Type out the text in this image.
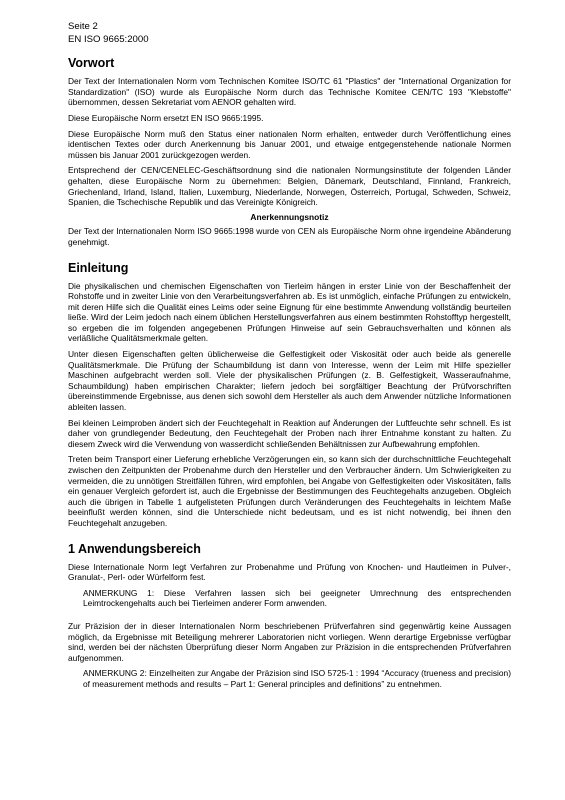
Seite 2
EN ISO 9665:2000
Vorwort

Der Text der Internationalen Norm vom Technischen Komitee ISO/TC 61 "Plastics" der "International Organization for Standardization" (ISO) wurde als Europäische Norm durch das Technische Komitee CEN/TC 193 "Klebstoffe" übernommen, dessen Sekretariat vom AENOR gehalten wird.

Diese Europäische Norm ersetzt EN ISO 9665:1995.

Diese Europäische Norm muß den Status einer nationalen Norm erhalten, entweder durch Veröffentlichung eines identischen Textes oder durch Anerkennung bis Januar 2001, und etwaige entgegenstehende nationale Normen müssen bis Januar 2001 zurückgezogen werden.

Entsprechend der CEN/CENELEC-Geschäftsordnung sind die nationalen Normungsinstitute der folgenden Länder gehalten, diese Europäische Norm zu übernehmen: Belgien, Dänemark, Deutschland, Finnland, Frankreich, Griechenland, Irland, Island, Italien, Luxemburg, Niederlande, Norwegen, Österreich, Portugal, Schweden, Schweiz, Spanien, die Tschechische Republik und das Vereinigte Königreich.

Anerkennungsnotiz

Der Text der Internationalen Norm ISO 9665:1998 wurde von CEN als Europäische Norm ohne irgendeine Abänderung genehmigt.

Einleitung

Die physikalischen und chemischen Eigenschaften von Tierleim hängen in erster Linie von der Beschaffenheit der Rohstoffe und in zweiter Linie von den Verarbeitungsverfahren ab. Es ist unmöglich, einfache Prüfungen zu entwickeln, mit deren Hilfe sich die Qualität eines Leims oder seine Eignung für eine bestimmte Anwendung vollständig beurteilen ließe. Wird der Leim jedoch nach einem üblichen Herstellungsverfahren aus einem bestimmten Rohstofftyp hergestellt, so ergeben die im folgenden angegebenen Prüfungen Hinweise auf sein Gebrauchsverhalten und können als verläßliche Qualitätsmerkmale gelten.

Unter diesen Eigenschaften gelten üblicherweise die Gelfestigkeit oder Viskosität oder auch beide als generelle Qualitätsmerkmale. Die Prüfung der Schaumbildung ist dann von Interesse, wenn der Leim mit Hilfe spezieller Maschinen aufgebracht werden soll. Viele der physikalischen Prüfungen (z. B. Gelfestigkeit, Wasseraufnahme, Schaumbildung) haben empirischen Charakter; liefern jedoch bei sorgfältiger Beachtung der Prüfvorschriften übereinstimmende Ergebnisse, aus denen sich sowohl dem Hersteller als auch dem Anwender nützliche Informationen ableiten lassen.

Bei kleinen Leimproben ändert sich der Feuchtegehalt in Reaktion auf Änderungen der Luftfeuchte sehr schnell. Es ist daher von grundlegender Bedeutung, den Feuchtegehalt der Proben nach ihrer Entnahme konstant zu halten. Zu diesem Zweck wird die Verwendung von wasserdicht schließenden Behältnissen zur Aufbewahrung empfohlen.

Treten beim Transport einer Lieferung erhebliche Verzögerungen ein, so kann sich der durchschnittliche Feuchtegehalt zwischen den Zeitpunkten der Probenahme durch den Hersteller und den Verbraucher ändern. Um Schwierigkeiten zu vermeiden, die zu unnötigen Streitfällen führen, wird empfohlen, bei Angabe von Gelfestigkeiten oder Viskositäten, falls ein genauer Vergleich gefordert ist, auch die Ergebnisse der Bestimmungen des Feuchtegehalts anzugeben. Obgleich auch die übrigen in Tabelle 1 aufgelisteten Prüfungen durch Veränderungen des Feuchtegehalts in leichtem Maße beeinflußt werden können, sind die Unterschiede nicht bedeutsam, und es ist nicht notwendig, bei ihnen den Feuchtegehalt anzugeben.

1 Anwendungsbereich

Diese Internationale Norm legt Verfahren zur Probenahme und Prüfung von Knochen- und Hautleimen in Pulver-, Granulat-, Perl- oder Würfelform fest.

ANMERKUNG 1: Diese Verfahren lassen sich bei geeigneter Umrechnung des entsprechenden Leimtrockengehalts auch bei Tierleimen anderer Form anwenden.

Zur Präzision der in dieser Internationalen Norm beschriebenen Prüfverfahren sind gegenwärtig keine Aussagen möglich, da Ergebnisse mit Beteiligung mehrerer Laboratorien nicht vorliegen. Wenn derartige Ergebnisse verfügbar sind, werden bei der nächsten Überprüfung dieser Norm Angaben zur Präzision in die entsprechenden Prüfverfahren aufgenommen.

ANMERKUNG 2: Einzelheiten zur Angabe der Präzision sind ISO 5725-1 : 1994 “Accuracy (trueness and precision) of measurement methods and results – Part 1: General principles and definitions” zu entnehmen.
